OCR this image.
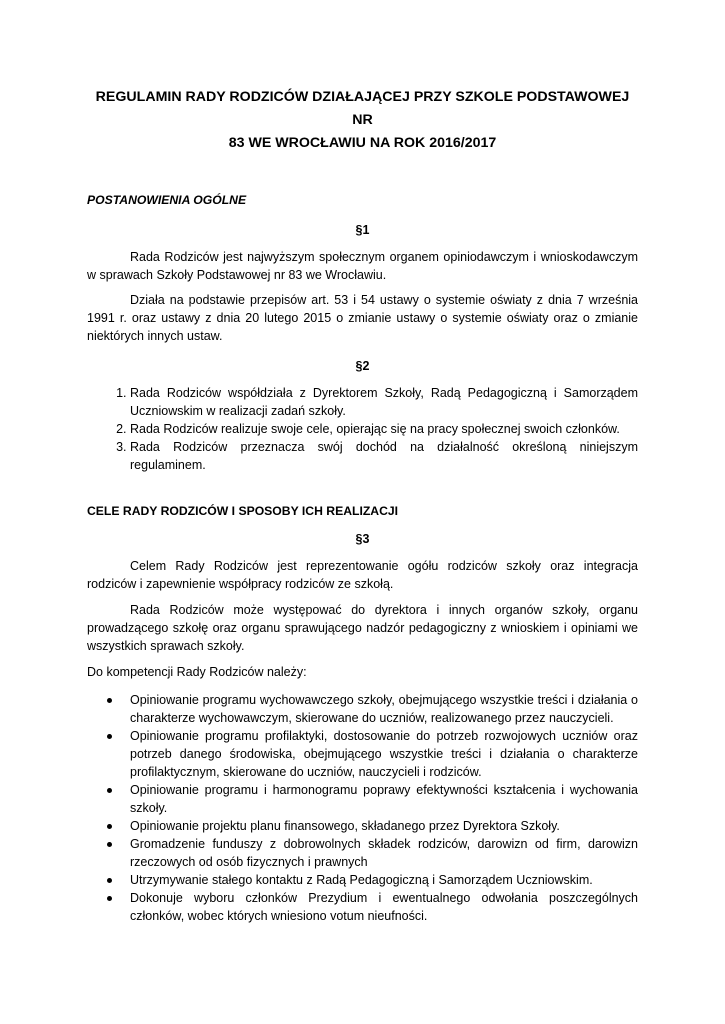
REGULAMIN RADY RODZICÓW DZIAŁAJĄCEJ PRZY SZKOLE PODSTAWOWEJ NR
83 WE WROCŁAWIU NA ROK 2016/2017

POSTANOWIENIA OGÓLNE

§1

Rada Rodziców jest najwyższym społecznym organem opiniodawczym i wnioskodawczym w sprawach Szkoły Podstawowej nr 83 we Wrocławiu.

Działa na podstawie przepisów art. 53 i 54 ustawy o systemie oświaty z dnia 7 września 1991 r. oraz ustawy z dnia 20 lutego 2015 o zmianie ustawy o systemie oświaty oraz o zmianie niektórych innych ustaw.

§2

1. Rada Rodziców współdziała z Dyrektorem Szkoły, Radą Pedagogiczną i Samorządem Uczniowskim w realizacji zadań szkoły.
2. Rada Rodziców realizuje swoje cele, opierając się na pracy społecznej swoich członków.
3. Rada Rodziców przeznacza swój dochód na działalność określoną niniejszym regulaminem.

CELE RADY RODZICÓW I SPOSOBY ICH REALIZACJI

§3

Celem Rady Rodziców jest reprezentowanie ogółu rodziców szkoły oraz integracja rodziców i zapewnienie współpracy rodziców ze szkołą.

Rada Rodziców może występować do dyrektora i innych organów szkoły, organu prowadzącego szkołę oraz organu sprawującego nadzór pedagogiczny z wnioskiem i opiniami we wszystkich sprawach szkoły.

Do kompetencji Rady Rodziców należy:

Opiniowanie programu wychowawczego szkoły, obejmującego wszystkie treści i działania o charakterze wychowawczym, skierowane do uczniów, realizowanego przez nauczycieli.
Opiniowanie programu profilaktyki, dostosowanie do potrzeb rozwojowych uczniów oraz potrzeb danego środowiska, obejmującego wszystkie treści i działania o charakterze profilaktycznym, skierowane do uczniów, nauczycieli i rodziców.
Opiniowanie programu i harmonogramu poprawy efektywności kształcenia i wychowania szkoły.
Opiniowanie projektu planu finansowego, składanego przez Dyrektora Szkoły.
Gromadzenie funduszy z dobrowolnych składek rodziców, darowizn od firm, darowizn rzeczowych od osób fizycznych i prawnych
Utrzymywanie stałego kontaktu z Radą Pedagogiczną i Samorządem Uczniowskim.
Dokonuje wyboru członków Prezydium i ewentualnego odwołania poszczególnych członków, wobec których wniesiono votum nieufności.
